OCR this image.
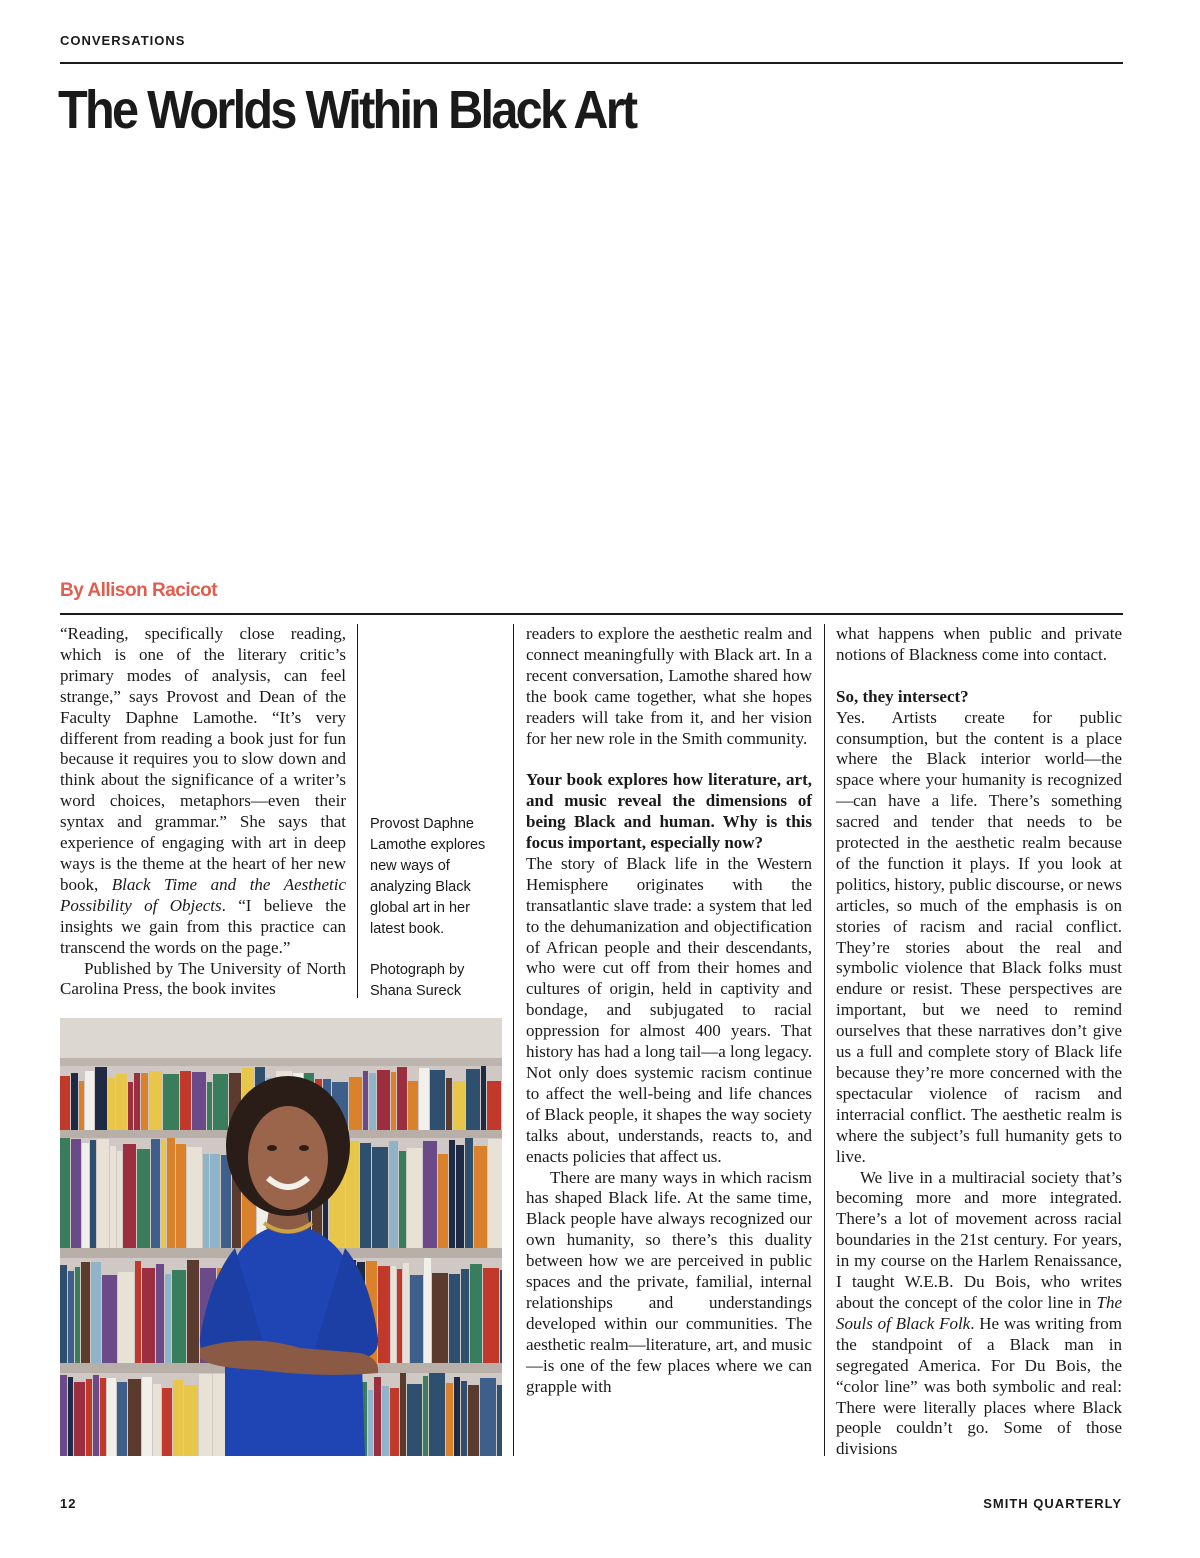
CONVERSATIONS
The Worlds Within Black Art
By Allison Racicot

“Reading, specifically close reading, which is one of the literary critic’s primary modes of analysis, can feel strange,” says Provost and Dean of the Faculty Daphne Lamothe. “It’s very different from reading a book just for fun because it requires you to slow down and think about the significance of a writer’s word choices, metaphors—even their syntax and grammar.” She says that experience of engaging with art in deep ways is the theme at the heart of her new book, Black Time and the Aesthetic Possibility of Objects. “I believe the insights we gain from this practice can transcend the words on the page.”

Published by The University of North Carolina Press, the book invites

Provost Daphne Lamothe explores new ways of analyzing Black global art in her latest book.

Photograph by Shana Sureck

readers to explore the aesthetic realm and connect meaningfully with Black art. In a recent conversation, Lamothe shared how the book came together, what she hopes readers will take from it, and her vision for her new role in the Smith community.

Your book explores how literature, art, and music reveal the dimensions of being Black and human. Why is this focus important, especially now?

The story of Black life in the Western Hemisphere originates with the transatlantic slave trade: a system that led to the dehumanization and objectification of African people and their descendants, who were cut off from their homes and cultures of origin, held in captivity and bondage, and subjugated to racial oppression for almost 400 years. That history has had a long tail—a long legacy. Not only does systemic racism continue to affect the well-being and life chances of Black people, it shapes the way society talks about, understands, reacts to, and enacts policies that affect us.

There are many ways in which racism has shaped Black life. At the same time, Black people have always recognized our own humanity, so there’s this duality between how we are perceived in public spaces and the private, familial, internal relationships and understandings developed within our communities. The aesthetic realm—literature, art, and music—is one of the few places where we can grapple with

what happens when public and private notions of Blackness come into contact.

So, they intersect?

Yes. Artists create for public consumption, but the content is a place where the Black interior world—the space where your humanity is recognized—can have a life. There’s something sacred and tender that needs to be protected in the aesthetic realm because of the function it plays. If you look at politics, history, public discourse, or news articles, so much of the emphasis is on stories of racism and racial conflict. They’re stories about the real and symbolic violence that Black folks must endure or resist. These perspectives are important, but we need to remind ourselves that these narratives don’t give us a full and complete story of Black life because they’re more concerned with the spectacular violence of racism and interracial conflict. The aesthetic realm is where the subject’s full humanity gets to live.

We live in a multiracial society that’s becoming more and more integrated. There’s a lot of movement across racial boundaries in the 21st century. For years, in my course on the Harlem Renaissance, I taught W.E.B. Du Bois, who writes about the concept of the color line in The Souls of Black Folk. He was writing from the standpoint of a Black man in segregated America. For Du Bois, the “color line” was both symbolic and real: There were literally places where Black people couldn’t go. Some of those divisions

12	SMITH QUARTERLY
